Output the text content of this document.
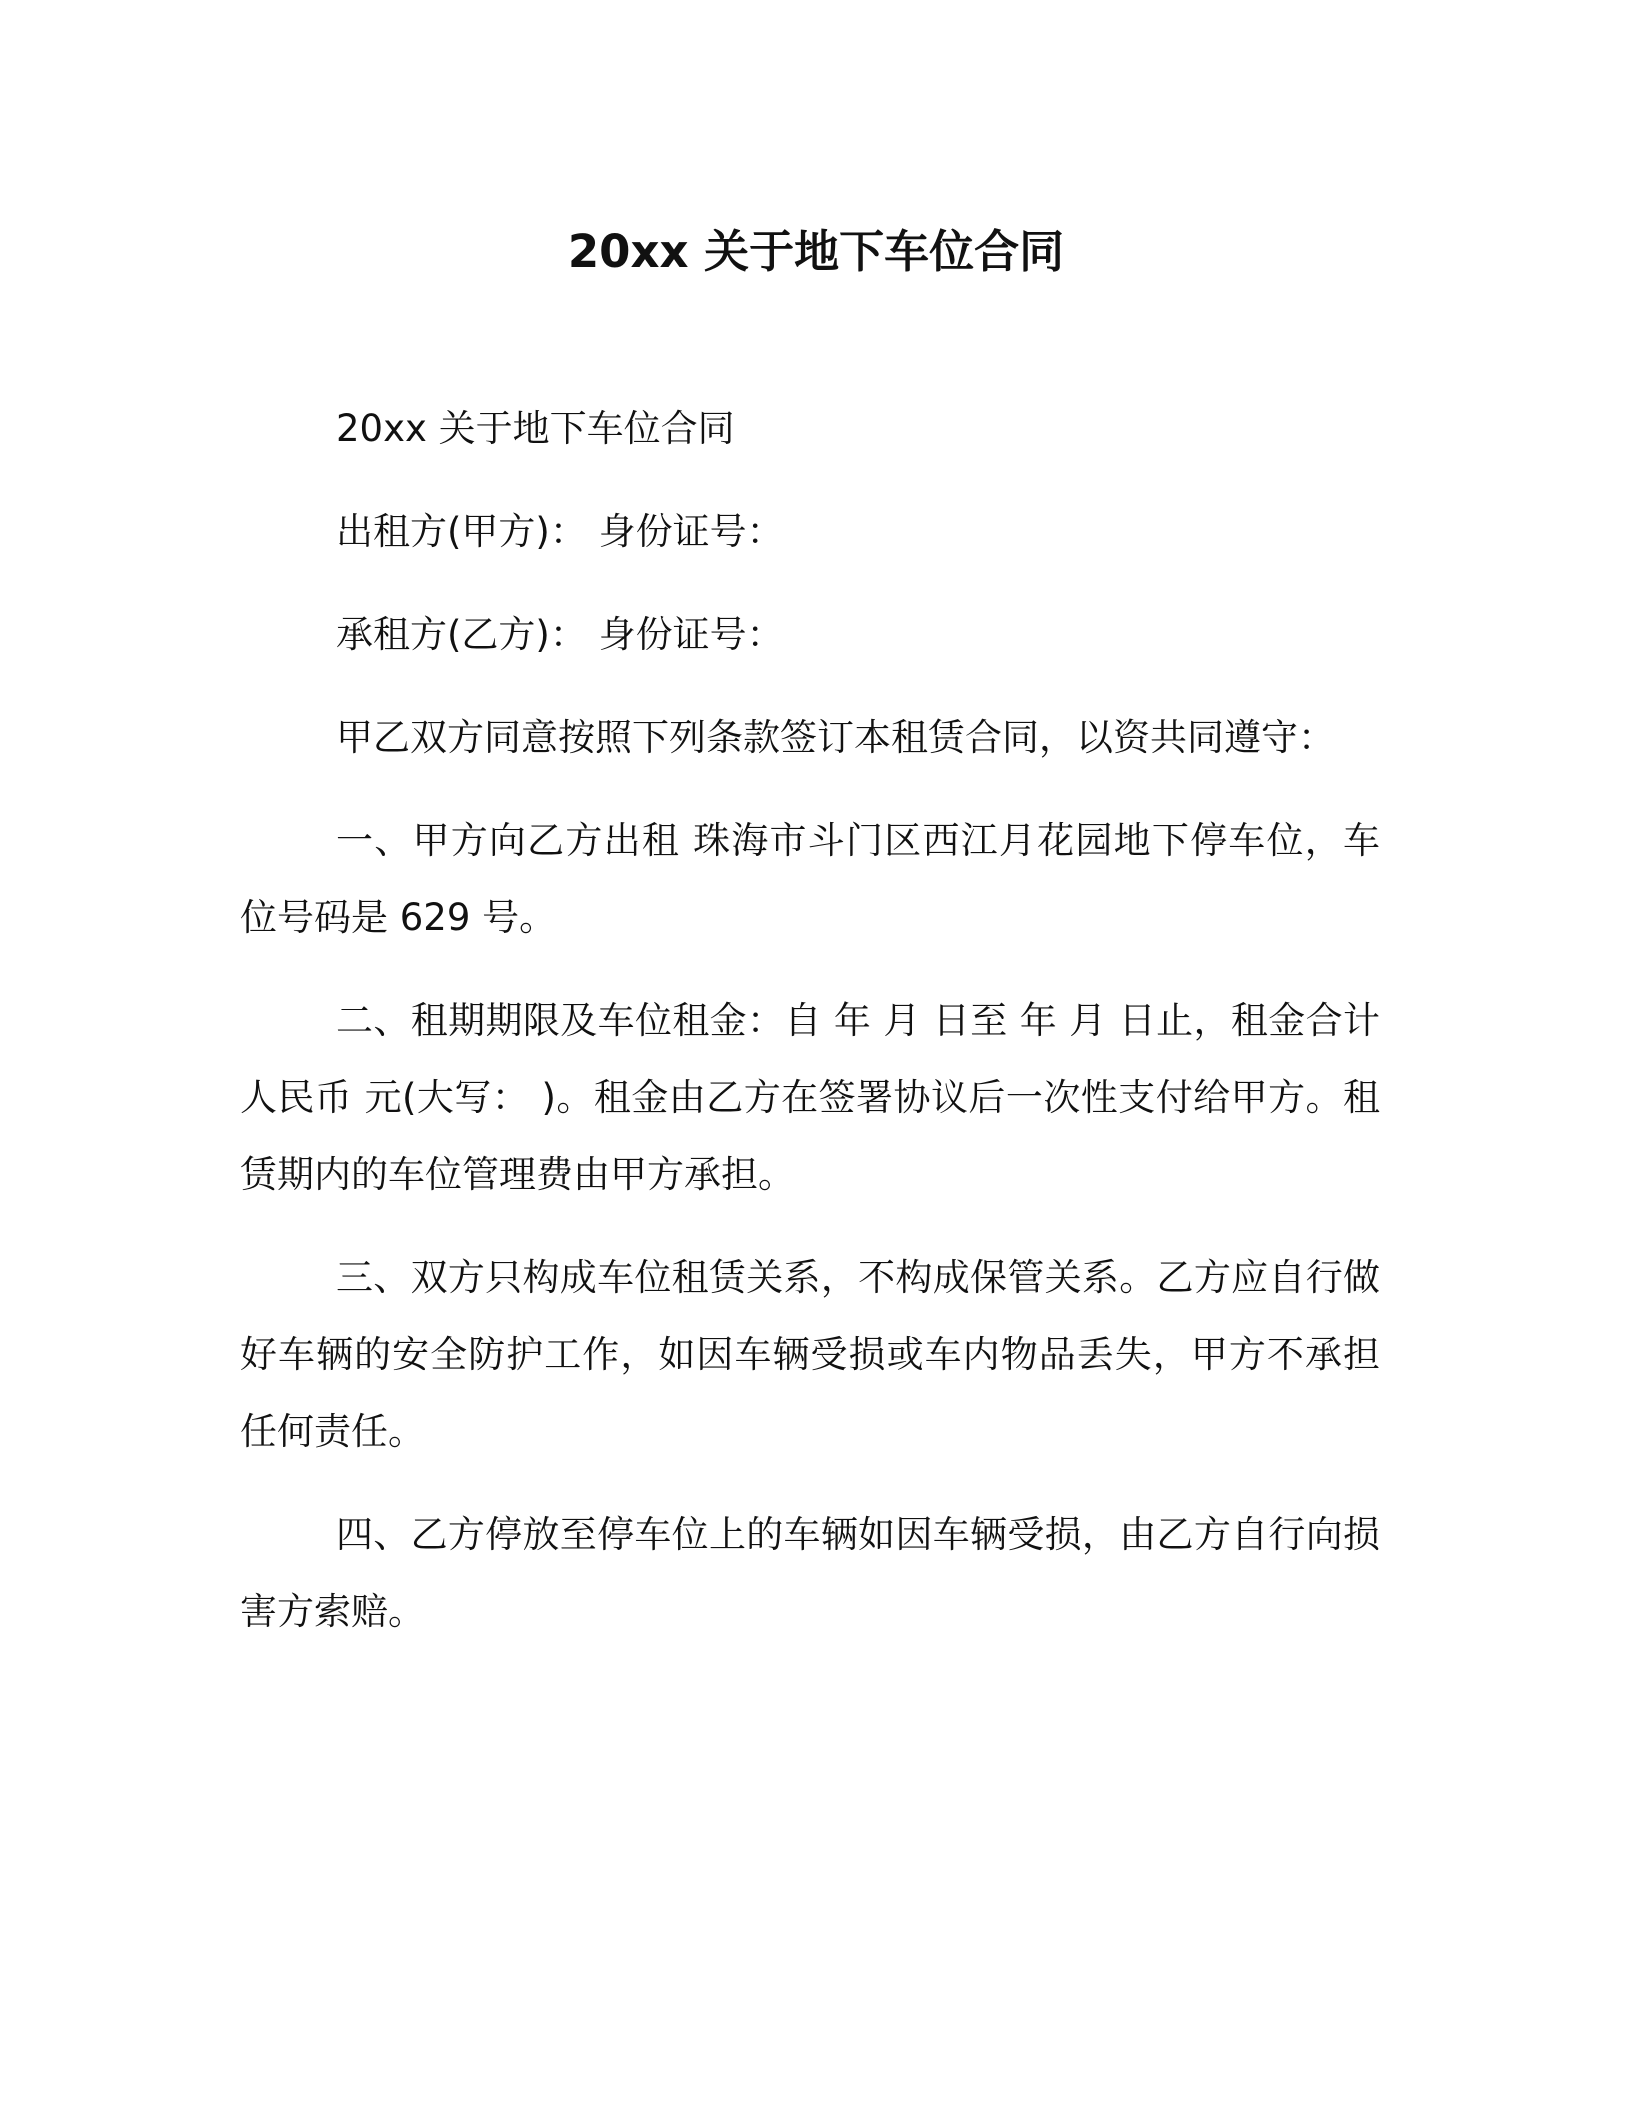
20xx 关于地下车位合同

20xx 关于地下车位合同

出租方(甲方)： 身份证号：

承租方(乙方)： 身份证号：

甲乙双方同意按照下列条款签订本租赁合同，以资共同遵守：

一、甲方向乙方出租 珠海市斗门区西江月花园地下停车位，车位号码是 629 号。

二、租期期限及车位租金：自 年 月 日至 年 月 日止，租金合计人民币 元(大写： )。租金由乙方在签署协议后一次性支付给甲方。租赁期内的车位管理费由甲方承担。

三、双方只构成车位租赁关系，不构成保管关系。乙方应自行做好车辆的安全防护工作，如因车辆受损或车内物品丢失，甲方不承担任何责任。

四、乙方停放至停车位上的车辆如因车辆受损，由乙方自行向损害方索赔。
